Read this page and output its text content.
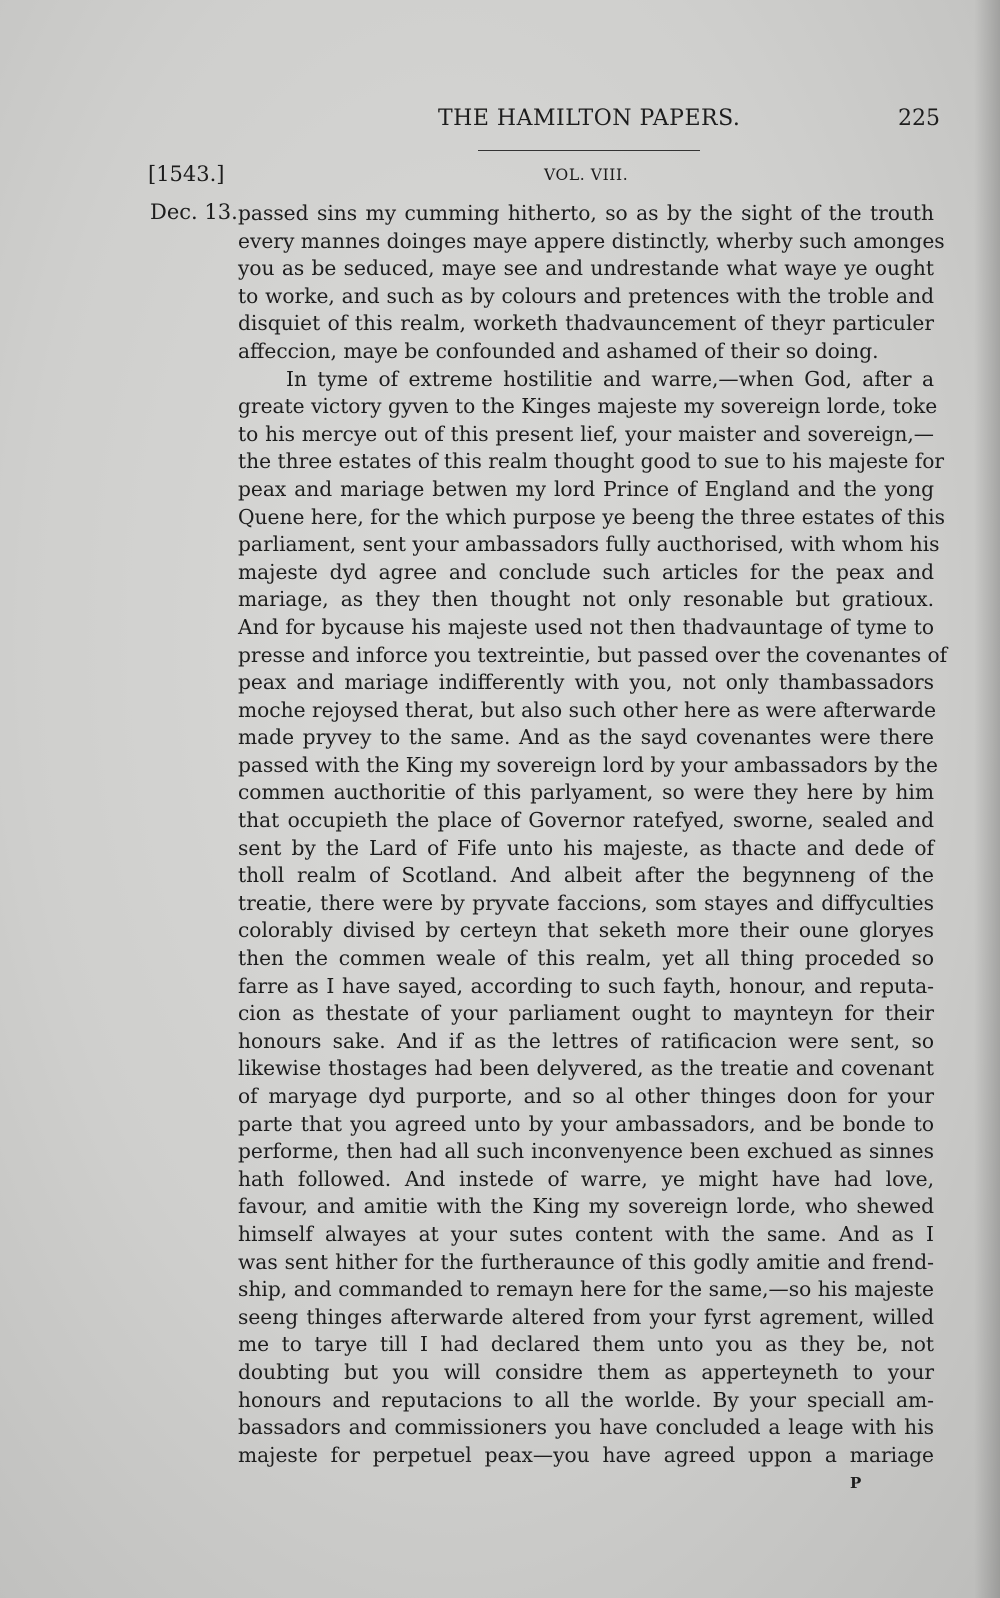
THE HAMILTON PAPERS.	225
[1543.]	VOL. VIII.
Dec. 13. passed sins my cumming hitherto, so as by the sight of the trouth
every mannes doinges maye appere distinctly, wherby such amonges
you as be seduced, maye see and undrestande what waye ye ought
to worke, and such as by colours and pretences with the troble and
disquiet of this realm, worketh thadvauncement of theyr particuler
affeccion, maye be confounded and ashamed of their so doing.
In tyme of extreme hostilitie and warre,—when God, after a
greate victory gyven to the Kinges majeste my sovereign lorde, toke
to his mercye out of this present lief, your maister and sovereign,—
the three estates of this realm thought good to sue to his majeste for
peax and mariage betwen my lord Prince of England and the yong
Quene here, for the which purpose ye beeng the three estates of this
parliament, sent your ambassadors fully aucthorised, with whom his
majeste dyd agree and conclude such articles for the peax and
mariage, as they then thought not only resonable but gratioux.
And for bycause his majeste used not then thadvauntage of tyme to
presse and inforce you textreintie, but passed over the covenantes of
peax and mariage indifferently with you, not only thambassadors
moche rejoysed therat, but also such other here as were afterwarde
made pryvey to the same. And as the sayd covenantes were there
passed with the King my sovereign lord by your ambassadors by the
commen aucthoritie of this parlyament, so were they here by him
that occupieth the place of Governor ratefyed, sworne, sealed and
sent by the Lard of Fife unto his majeste, as thacte and dede of
tholl realm of Scotland. And albeit after the begynneng of the
treatie, there were by pryvate faccions, som stayes and diffyculties
colorably divised by certeyn that seketh more their oune gloryes
then the commen weale of this realm, yet all thing proceded so
farre as I have sayed, according to such fayth, honour, and reputa-
cion as thestate of your parliament ought to maynteyn for their
honours sake. And if as the lettres of ratificacion were sent, so
likewise thostages had been delyvered, as the treatie and covenant
of maryage dyd purporte, and so al other thinges doon for your
parte that you agreed unto by your ambassadors, and be bonde to
performe, then had all such inconvenyence been exchued as sinnes
hath followed. And instede of warre, ye might have had love,
favour, and amitie with the King my sovereign lorde, who shewed
himself alwayes at your sutes content with the same. And as I
was sent hither for the furtheraunce of this godly amitie and frend-
ship, and commanded to remayn here for the same,—so his majeste
seeng thinges afterwarde altered from your fyrst agrement, willed
me to tarye till I had declared them unto you as they be, not
doubting but you will considre them as apperteyneth to your
honours and reputacions to all the worlde. By your speciall am-
bassadors and commissioners you have concluded a leage with his
majeste for perpetuel peax—you have agreed uppon a mariage
P
